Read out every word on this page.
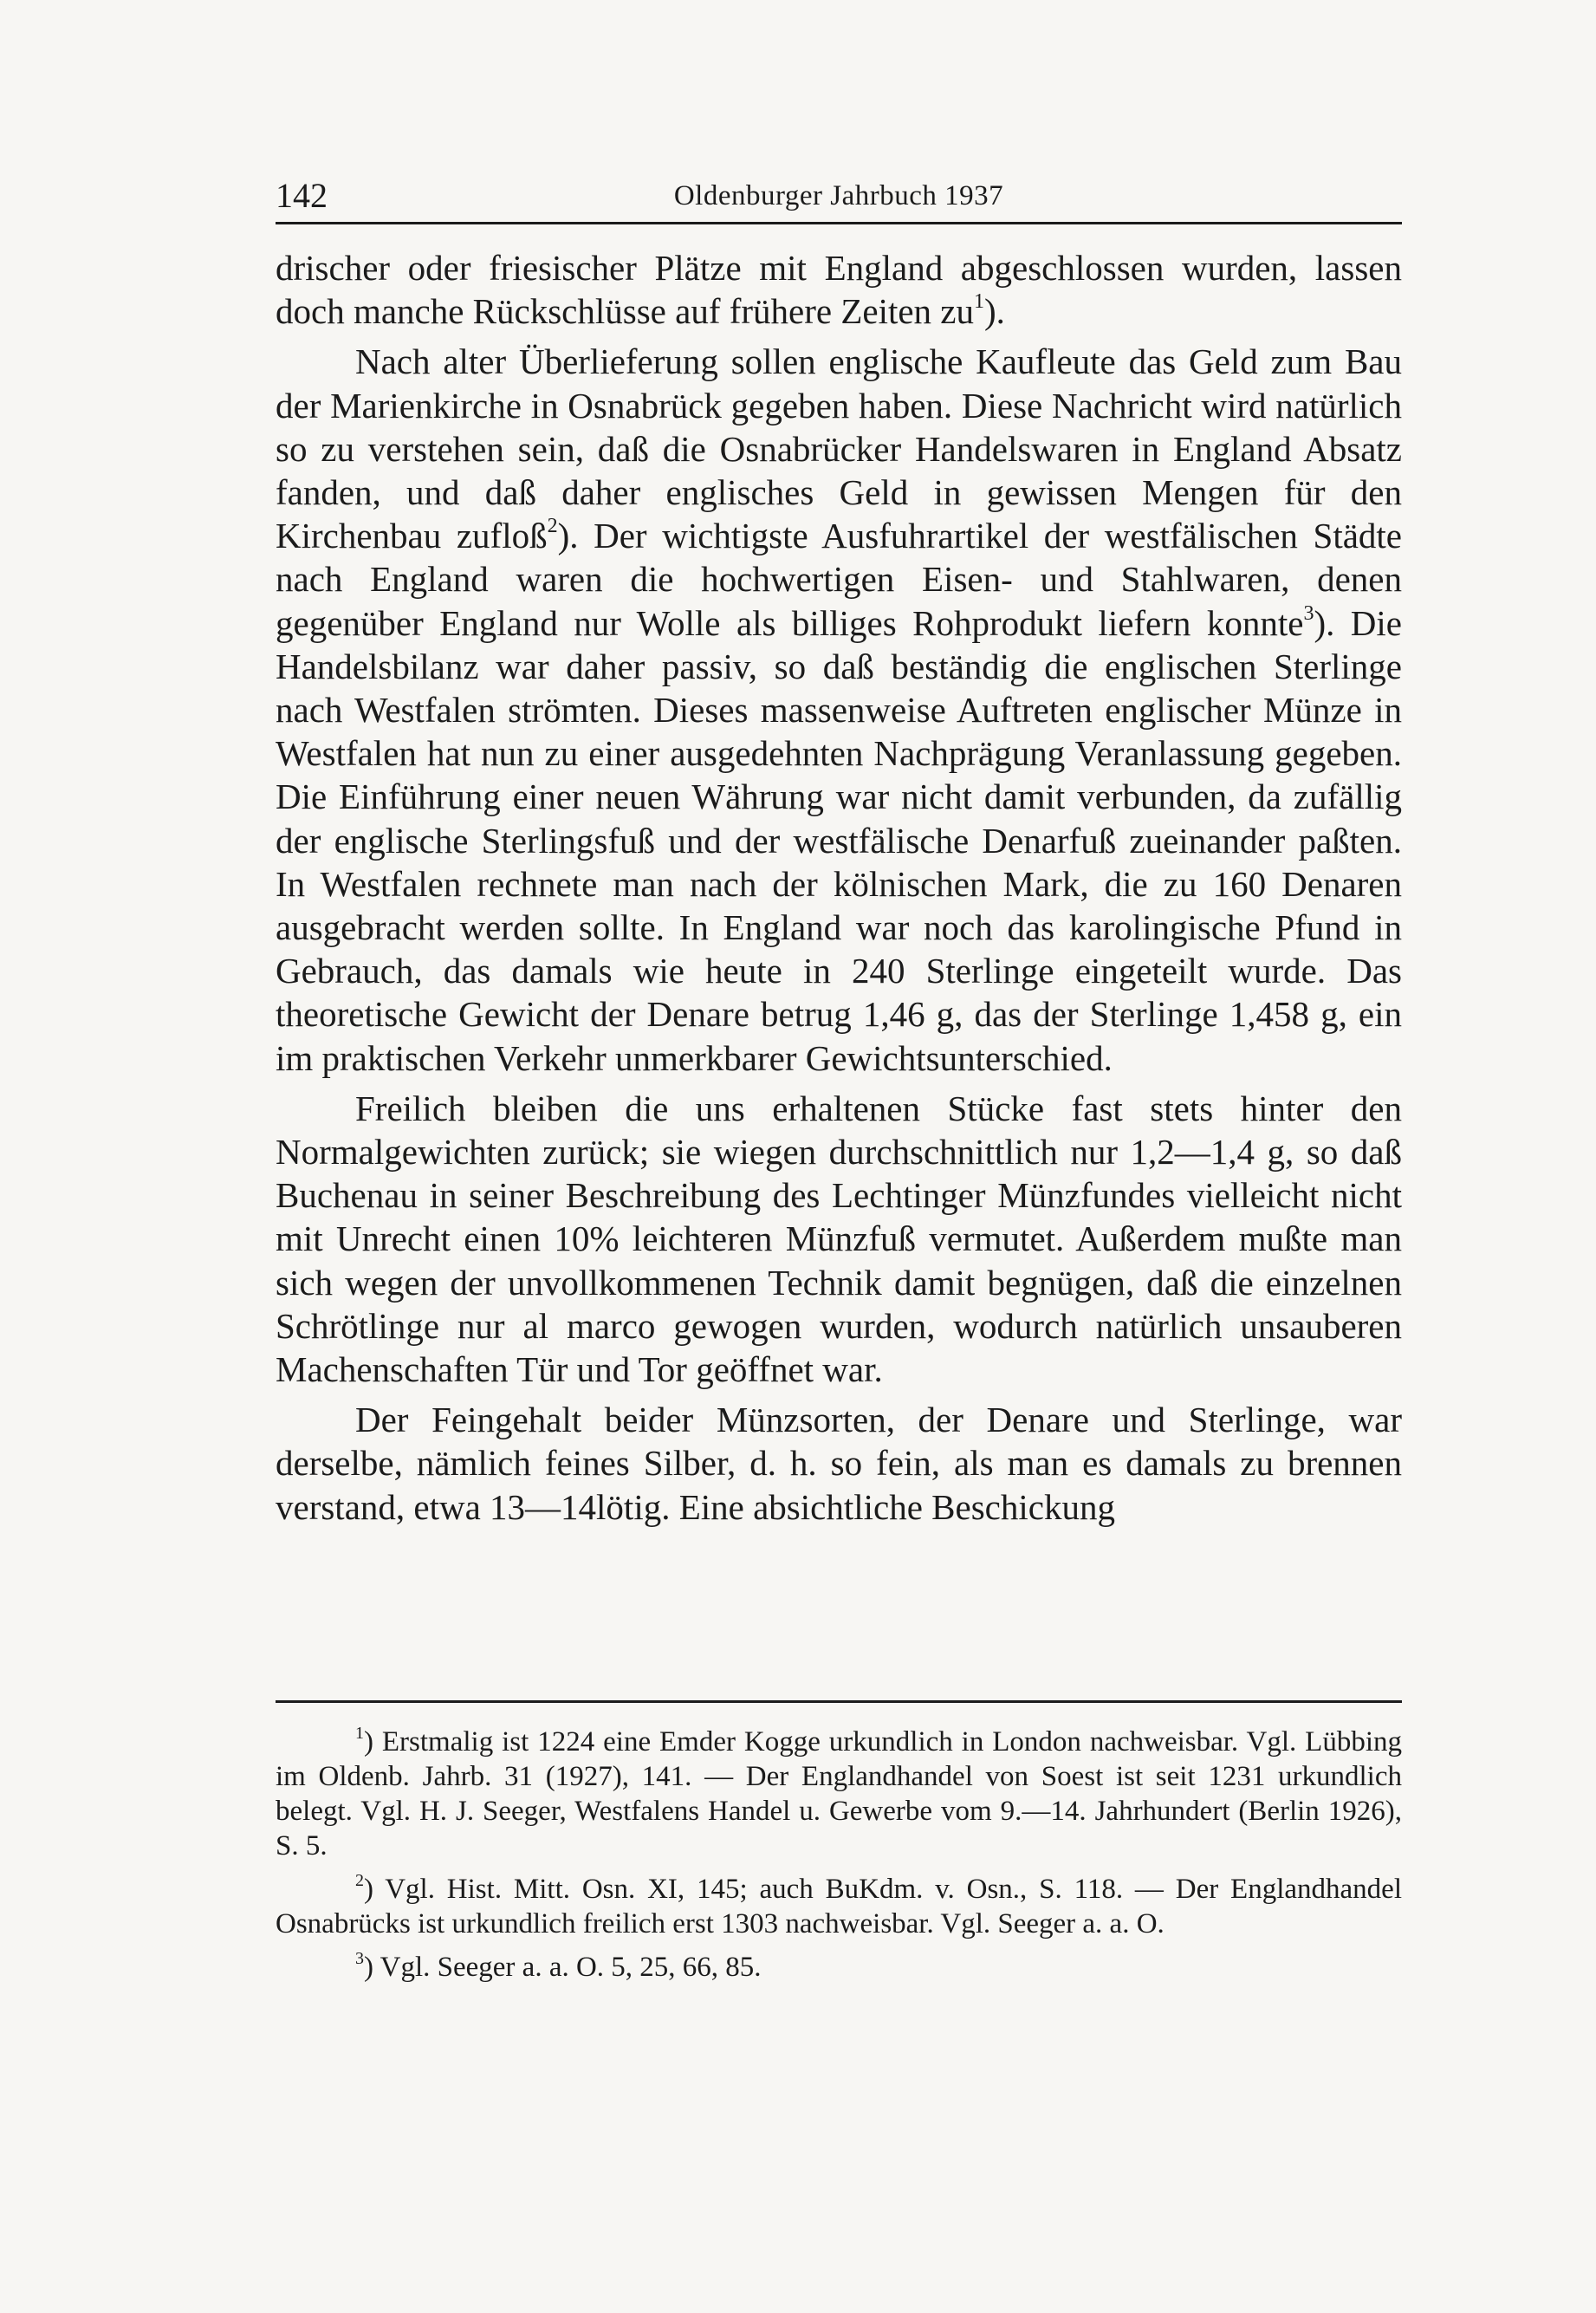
142	Oldenburger Jahrbuch 1937

drischer oder friesischer Plätze mit England abgeschlossen wurden, lassen doch manche Rückschlüsse auf frühere Zeiten $zu^1$).

Nach alter Überlieferung sollen englische Kaufleute das Geld zum Bau der Marienkirche in Osnabrück gegeben haben. Diese Nachricht wird natürlich so zu verstehen sein, daß die Osnabrücker Handelswaren in England Absatz fanden, und daß daher englisches Geld in gewissen Mengen für den Kirchenbau zufloß$^2$). Der wichtigste Ausfuhrartikel der westfälischen Städte nach England waren die hochwertigen Eisen- und Stahlwaren, denen gegenüber England nur Wolle als billiges Rohprodukt liefern konnte$^3$). Die Handelsbilanz war daher passiv, so daß beständig die englischen Sterlinge nach Westfalen strömten. Dieses massenweise Auftreten englischer Münze in Westfalen hat nun zu einer ausgedehnten Nachprägung Veranlassung gegeben. Die Einführung einer neuen Währung war nicht damit verbunden, da zufällig der englische Sterlingsfuß und der westfälische Denarfuß zueinander paßten. In Westfalen rechnete man nach der kölnischen Mark, die zu 160 Denaren ausgebracht werden sollte. In England war noch das karolingische Pfund in Gebrauch, das damals wie heute in 240 Sterlinge eingeteilt wurde. Das theoretische Gewicht der Denare betrug 1,46 g, das der Sterlinge 1,458 g, ein im praktischen Verkehr unmerkbarer Gewichtsunterschied.

Freilich bleiben die uns erhaltenen Stücke fast stets hinter den Normalgewichten zurück; sie wiegen durchschnittlich nur 1,2—1,4 g, so daß Buchenau in seiner Beschreibung des Lechtinger Münzfundes vielleicht nicht mit Unrecht einen 10% leichteren Münzfuß vermutet. Außerdem mußte man sich wegen der unvollkommenen Technik damit begnügen, daß die einzelnen Schrötlinge nur al marco gewogen wurden, wodurch natürlich unsauberen Machenschaften Tür und Tor geöffnet war.

Der Feingehalt beider Münzsorten, der Denare und Sterlinge, war derselbe, nämlich feines Silber, d. h. so fein, als man es damals zu brennen verstand, etwa 13—14lötig. Eine absichtliche Beschickung

$^1$) Erstmalig ist 1224 eine Emder Kogge urkundlich in London nachweisbar. Vgl. Lübbing im Oldenb. Jahrb. 31 (1927), 141. — Der Englandhandel von Soest ist seit 1231 urkundlich belegt. Vgl. H. J. Seeger, Westfalens Handel u. Gewerbe vom 9.—14. Jahrhundert (Berlin 1926), S. 5.

$^2$) Vgl. Hist. Mitt. Osn. XI, 145; auch BuKdm. v. Osn., S. 118. — Der Englandhandel Osnabrücks ist urkundlich freilich erst 1303 nachweisbar. Vgl. Seeger a. a. O.

$^3$) Vgl. Seeger a. a. O. 5, 25, 66, 85.
